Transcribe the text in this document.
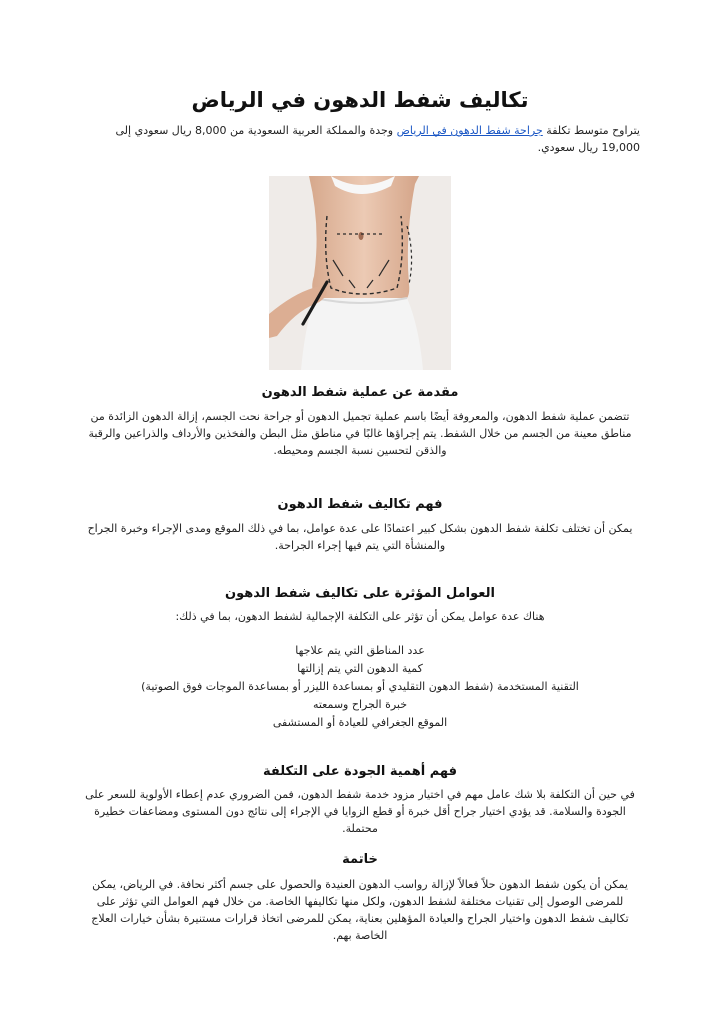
تكاليف شفط الدهون في الرياض

يتراوح متوسط تكلفة جراحة شفط الدهون في الرياض وجدة والمملكة العربية السعودية من 8,000 ريال سعودي إلى 19,000 ريال سعودي.

مقدمة عن عملية شفط الدهون

تتضمن عملية شفط الدهون، والمعروفة أيضًا باسم عملية تجميل الدهون أو جراحة نحت الجسم، إزالة الدهون الزائدة من مناطق معينة من الجسم من خلال الشفط. يتم إجراؤها غالبًا في مناطق مثل البطن والفخذين والأرداف والذراعين والرقبة والذقن لتحسين نسبة الجسم ومحيطه.

فهم تكاليف شفط الدهون

يمكن أن تختلف تكلفة شفط الدهون بشكل كبير اعتمادًا على عدة عوامل، بما في ذلك الموقع ومدى الإجراء وخبرة الجراح والمنشأة التي يتم فيها إجراء الجراحة.

العوامل المؤثرة على تكاليف شفط الدهون

هناك عدة عوامل يمكن أن تؤثر على التكلفة الإجمالية لشفط الدهون، بما في ذلك:

عدد المناطق التي يتم علاجها
كمية الدهون التي يتم إزالتها
التقنية المستخدمة (شفط الدهون التقليدي أو بمساعدة الليزر أو بمساعدة الموجات فوق الصوتية)
خبرة الجراح وسمعته
الموقع الجغرافي للعيادة أو المستشفى
فهم أهمية الجودة على التكلفة

في حين أن التكلفة بلا شك عامل مهم في اختيار مزود خدمة شفط الدهون، فمن الضروري عدم إعطاء الأولوية للسعر على الجودة والسلامة. قد يؤدي اختيار جراح أقل خبرة أو قطع الزوايا في الإجراء إلى نتائج دون المستوى ومضاعفات خطيرة محتملة.

خاتمة

يمكن أن يكون شفط الدهون حلاً فعالاً لإزالة رواسب الدهون العنيدة والحصول على جسم أكثر نحافة. في الرياض، يمكن للمرضى الوصول إلى تقنيات مختلفة لشفط الدهون، ولكل منها تكاليفها الخاصة. من خلال فهم العوامل التي تؤثر على تكاليف شفط الدهون واختيار الجراح والعيادة المؤهلين بعناية، يمكن للمرضى اتخاذ قرارات مستنيرة بشأن خيارات العلاج الخاصة بهم.
